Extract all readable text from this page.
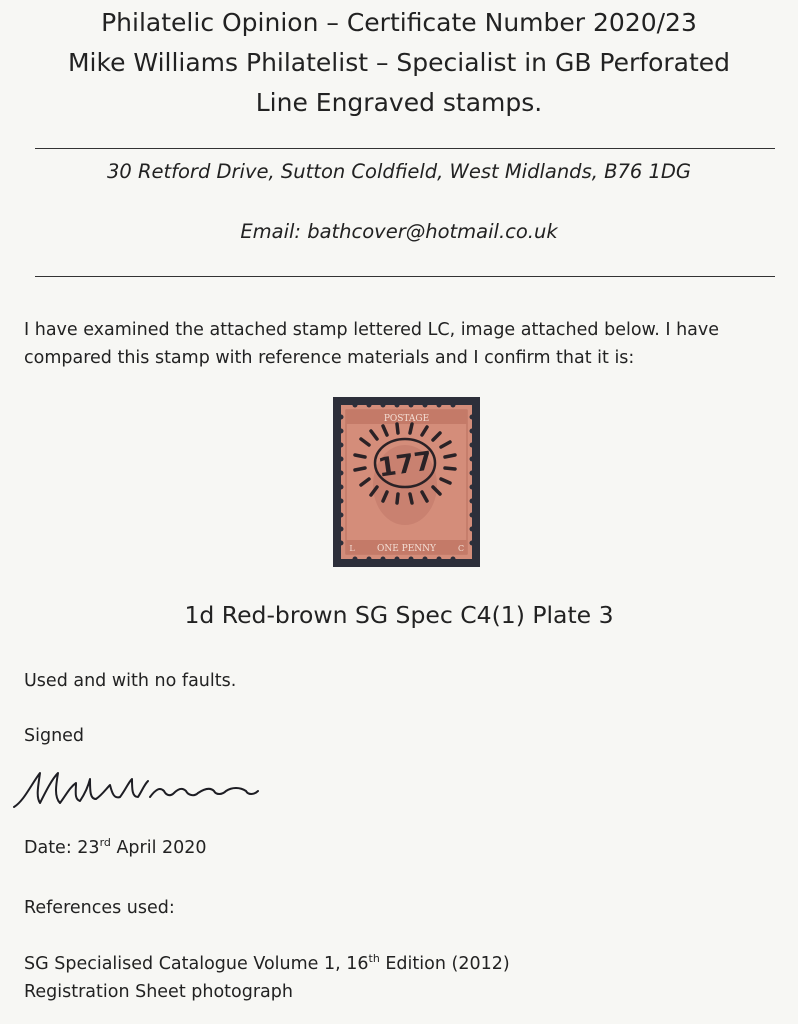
Philatelic Opinion – Certificate Number 2020/23
Mike Williams Philatelist – Specialist in GB Perforated
Line Engraved stamps.
30 Retford Drive, Sutton Coldfield, West Midlands, B76 1DG
Email: bathcover@hotmail.co.uk
I have examined the attached stamp lettered LC, image attached below. I have compared this stamp with reference materials and I confirm that it is:
POSTAGE
ONE PENNY
L	C
177
1d Red-brown SG Spec C4(1) Plate 3
Used and with no faults.
Signed
Date: 23rd April 2020
References used:
SG Specialised Catalogue Volume 1, 16th Edition (2012)
Registration Sheet photograph
